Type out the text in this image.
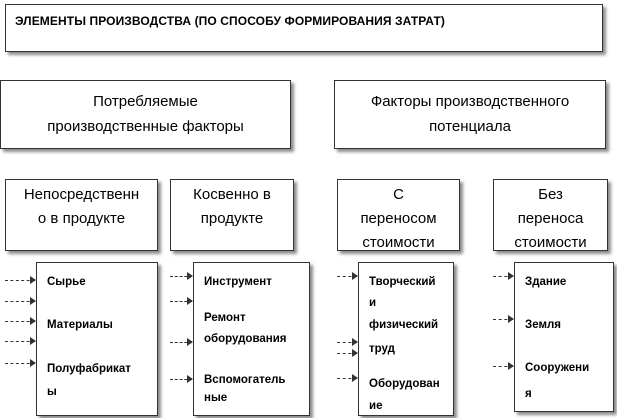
ЭЛЕМЕНТЫ ПРОИЗВОДСТВА (ПО СПОСОБУ ФОРМИРОВАНИЯ ЗАТРАТ)
Потребляемые
производственные факторы
Факторы производственного
потенциала
Непосредственн
о в продукте
Косвенно в
продукте
С
переносом
стоимости
Без
переноса
стоимости
Сырье
Материалы
Полуфабрикат
ы
Инструмент
Ремонт
оборудования
Вспомогатель
ные
Творческий
и
физический
труд
Оборудован
ие
Здание
Земля
Сооружени
я
